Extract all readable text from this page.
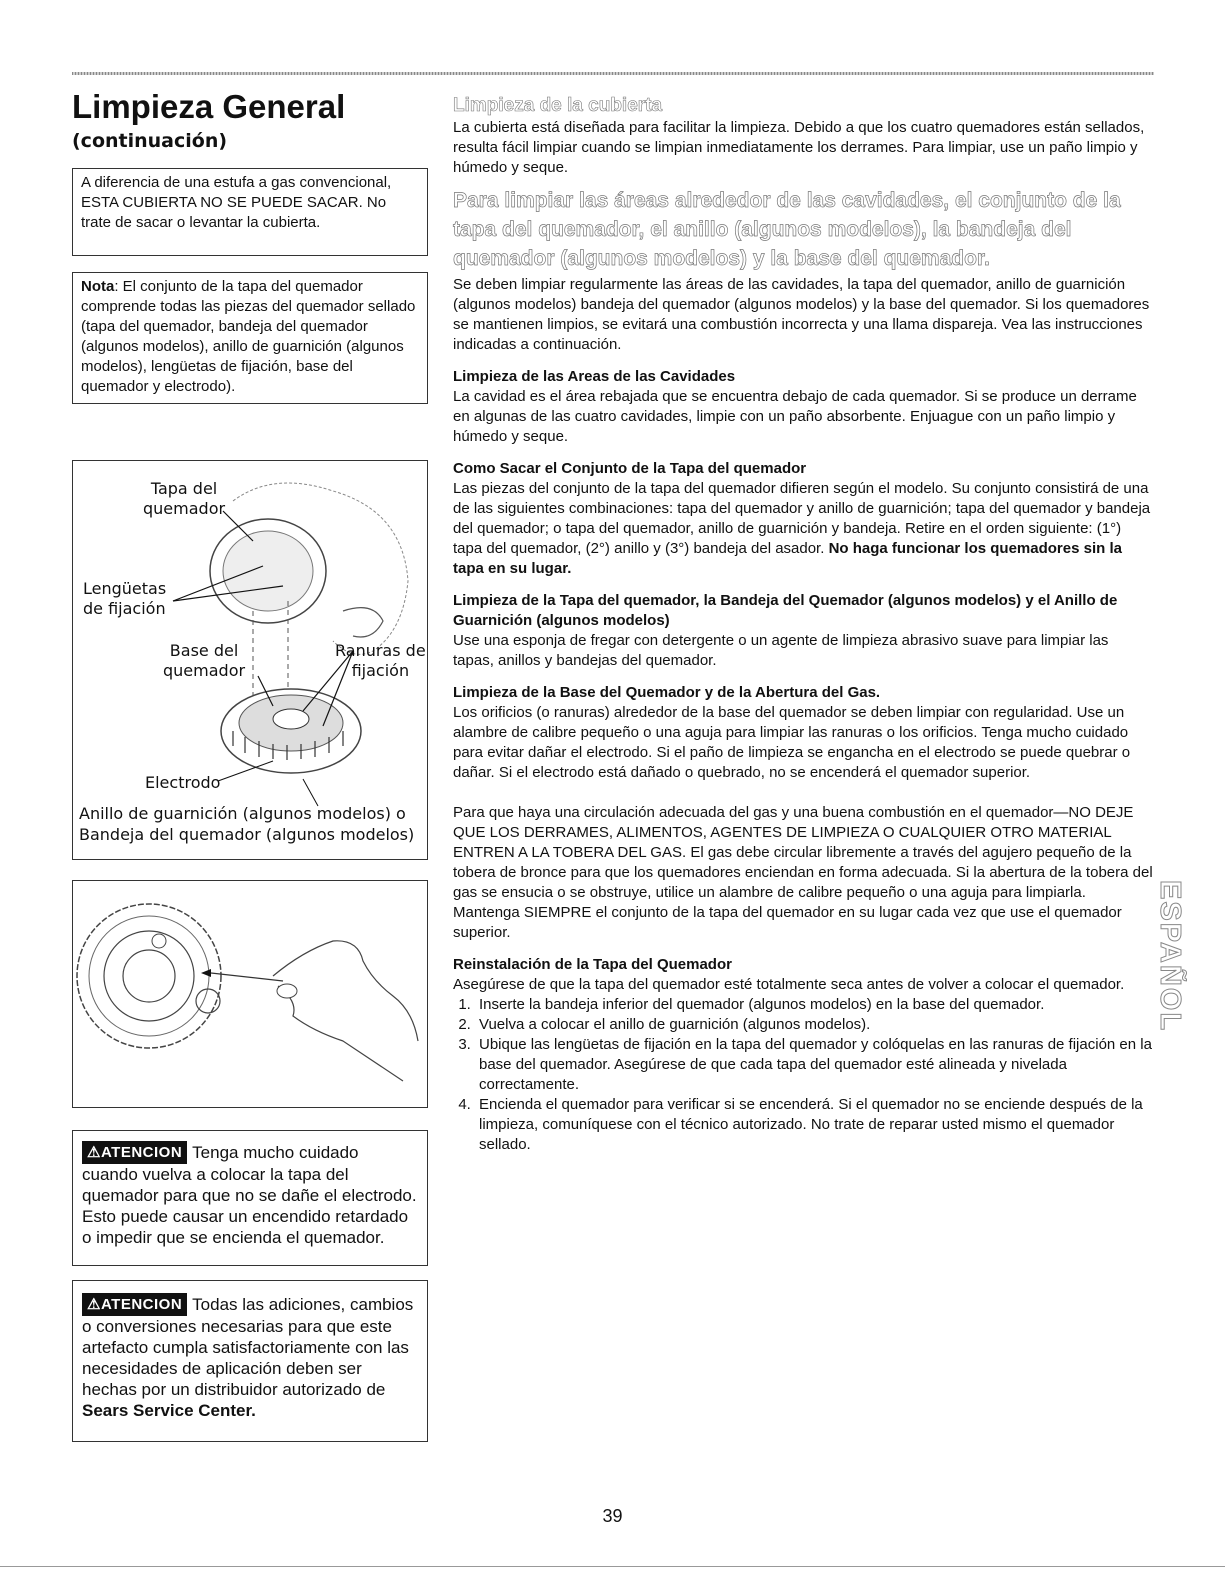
Limpieza General
(continuación)

A diferencia de una estufa a gas convencional, ESTA CUBIERTA NO SE PUEDE SACAR. No trate de sacar o levantar la cubierta.

Nota: El conjunto de la tapa del quemador comprende todas las piezas del quemador sellado (tapa del quemador, bandeja del quemador (algunos modelos), anillo de guarnición (algunos modelos), lengüetas de fijación, base del quemador y electrodo).

Tapa del
quemador
Lengüetas
de fijación
Base del
quemador
Ranuras de
fijación
Electrodo
Anillo de guarnición (algunos modelos) o
Bandeja del quemador (algunos modelos)
⚠ATENCION Tenga mucho cuidado cuando vuelva a colocar la tapa del quemador para que no se dañe el electrodo. Esto puede causar un encendido retardado o impedir que se encienda el quemador.
⚠ATENCION Todas las adiciones, cambios o conversiones necesarias para que este artefacto cumpla satisfactoriamente con las necesidades de aplicación deben ser hechas por un distribuidor autorizado de Sears Service Center.

Limpieza de la cubierta

La cubierta está diseñada para facilitar la limpieza. Debido a que los cuatro quemadores están sellados, resulta fácil limpiar cuando se limpian inmediatamente los derrames. Para limpiar, use un paño limpio y húmedo y seque.

Para limpiar las áreas alrededor de las cavidades, el conjunto de la tapa del quemador, el anillo (algunos modelos), la bandeja del quemador (algunos modelos) y la base del quemador.

Se deben limpiar regularmente las áreas de las cavidades, la tapa del quemador, anillo de guarnición (algunos modelos) bandeja del quemador (algunos modelos) y la base del quemador. Si los quemadores se mantienen limpios, se evitará una combustión incorrecta y una llama dispareja. Vea las instrucciones indicadas a continuación.

Limpieza de las Areas de las Cavidades

La cavidad es el área rebajada que se encuentra debajo de cada quemador. Si se produce un derrame en algunas de las cuatro cavidades, limpie con un paño absorbente. Enjuague con un paño limpio y húmedo y seque.

Como Sacar el Conjunto de la Tapa del quemador

Las piezas del conjunto de la tapa del quemador difieren según el modelo. Su conjunto consistirá de una de las siguientes combinaciones: tapa del quemador y anillo de guarnición; tapa del quemador y bandeja del quemador; o tapa del quemador, anillo de guarnición y bandeja. Retire en el orden siguiente: (1°) tapa del quemador, (2°) anillo y (3°) bandeja del asador. No haga funcionar los quemadores sin la tapa en su lugar.

Limpieza de la Tapa del quemador, la Bandeja del Quemador (algunos modelos) y el Anillo de Guarnición (algunos modelos)

Use una esponja de fregar con detergente o un agente de limpieza abrasivo suave para limpiar las tapas, anillos y bandejas del quemador.

Limpieza de la Base del Quemador y de la Abertura del Gas.

Los orificios (o ranuras) alrededor de la base del quemador se deben limpiar con regularidad. Use un alambre de calibre pequeño o una aguja para limpiar las ranuras o los orificios. Tenga mucho cuidado para evitar dañar el electrodo. Si el paño de limpieza se engancha en el electrodo se puede quebrar o dañar. Si el electrodo está dañado o quebrado, no se encenderá el quemador superior.

Para que haya una circulación adecuada del gas y una buena combustión en el quemador—NO DEJE QUE LOS DERRAMES, ALIMENTOS, AGENTES DE LIMPIEZA O CUALQUIER OTRO MATERIAL ENTREN A LA TOBERA DEL GAS. El gas debe circular libremente a través del agujero pequeño de la tobera de bronce para que los quemadores enciendan en forma adecuada. Si la abertura de la tobera del gas se ensucia o se obstruye, utilice un alambre de calibre pequeño o una aguja para limpiarla. Mantenga SIEMPRE el conjunto de la tapa del quemador en su lugar cada vez que use el quemador superior.

Reinstalación de la Tapa del Quemador

Asegúrese de que la tapa del quemador esté totalmente seca antes de volver a colocar el quemador.

1. Inserte la bandeja inferior del quemador (algunos modelos) en la base del quemador.
2. Vuelva a colocar el anillo de guarnición (algunos modelos).
3. Ubique las lengüetas de fijación en la tapa del quemador y colóquelas en las ranuras de fijación en la base del quemador. Asegúrese de que cada tapa del quemador esté alineada y nivelada correctamente.
4. Encienda el quemador para verificar si se encenderá. Si el quemador no se enciende después de la limpieza, comuníquese con el técnico autorizado. No trate de reparar usted mismo el quemador sellado.
ESPAÑOL
39
